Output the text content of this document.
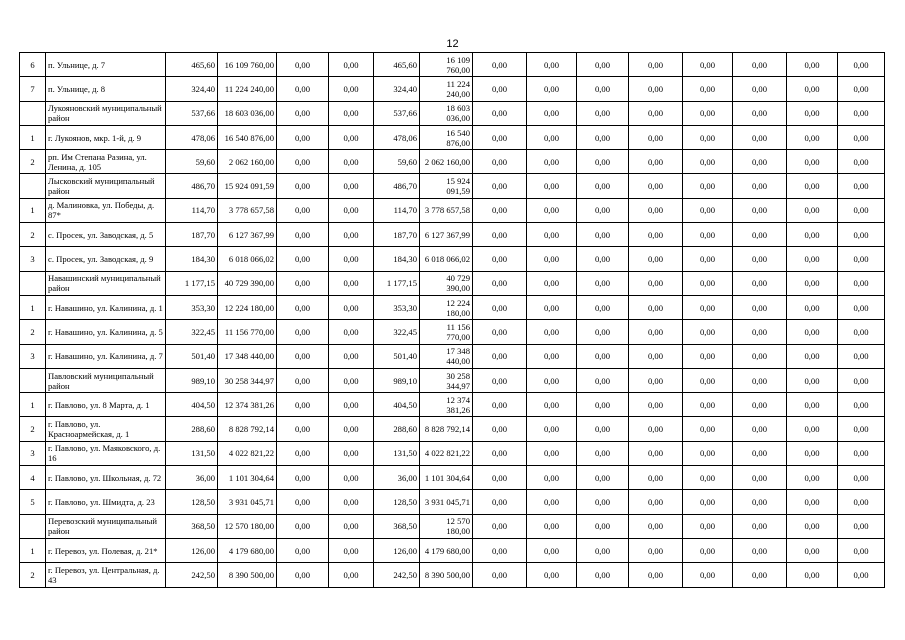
12
6	п. Ульнице, д. 7	465,60	16 109 760,00	0,00	0,00	465,60	16 109 760,00	0,00	0,00	0,00	0,00	0,00	0,00	0,00	0,00
7	п. Ульнице, д. 8	324,40	11 224 240,00	0,00	0,00	324,40	11 224 240,00	0,00	0,00	0,00	0,00	0,00	0,00	0,00	0,00
	Лукояновский муниципальный район	537,66	18 603 036,00	0,00	0,00	537,66	18 603 036,00	0,00	0,00	0,00	0,00	0,00	0,00	0,00	0,00
1	г. Лукоянов, мкр. 1-й, д. 9	478,06	16 540 876,00	0,00	0,00	478,06	16 540 876,00	0,00	0,00	0,00	0,00	0,00	0,00	0,00	0,00
2	рп. Им Степана Разина, ул. Ленина, д. 105	59,60	2 062 160,00	0,00	0,00	59,60	2 062 160,00	0,00	0,00	0,00	0,00	0,00	0,00	0,00	0,00
	Лысковский муниципальный район	486,70	15 924 091,59	0,00	0,00	486,70	15 924 091,59	0,00	0,00	0,00	0,00	0,00	0,00	0,00	0,00
1	д. Малиновка, ул. Победы, д. 87*	114,70	3 778 657,58	0,00	0,00	114,70	3 778 657,58	0,00	0,00	0,00	0,00	0,00	0,00	0,00	0,00
2	с. Просек, ул. Заводская, д. 5	187,70	6 127 367,99	0,00	0,00	187,70	6 127 367,99	0,00	0,00	0,00	0,00	0,00	0,00	0,00	0,00
3	с. Просек, ул. Заводская, д. 9	184,30	6 018 066,02	0,00	0,00	184,30	6 018 066,02	0,00	0,00	0,00	0,00	0,00	0,00	0,00	0,00
	Навашинский муниципальный район	1 177,15	40 729 390,00	0,00	0,00	1 177,15	40 729 390,00	0,00	0,00	0,00	0,00	0,00	0,00	0,00	0,00
1	г. Навашино, ул. Калинина, д. 1	353,30	12 224 180,00	0,00	0,00	353,30	12 224 180,00	0,00	0,00	0,00	0,00	0,00	0,00	0,00	0,00
2	г. Навашино, ул. Калинина, д. 5	322,45	11 156 770,00	0,00	0,00	322,45	11 156 770,00	0,00	0,00	0,00	0,00	0,00	0,00	0,00	0,00
3	г. Навашино, ул. Калинина, д. 7	501,40	17 348 440,00	0,00	0,00	501,40	17 348 440,00	0,00	0,00	0,00	0,00	0,00	0,00	0,00	0,00
	Павловский муниципальный район	989,10	30 258 344,97	0,00	0,00	989,10	30 258 344,97	0,00	0,00	0,00	0,00	0,00	0,00	0,00	0,00
1	г. Павлово, ул. 8 Марта, д. 1	404,50	12 374 381,26	0,00	0,00	404,50	12 374 381,26	0,00	0,00	0,00	0,00	0,00	0,00	0,00	0,00
2	г. Павлово, ул. Красноармейская, д. 1	288,60	8 828 792,14	0,00	0,00	288,60	8 828 792,14	0,00	0,00	0,00	0,00	0,00	0,00	0,00	0,00
3	г. Павлово, ул. Маяковского, д. 16	131,50	4 022 821,22	0,00	0,00	131,50	4 022 821,22	0,00	0,00	0,00	0,00	0,00	0,00	0,00	0,00
4	г. Павлово, ул. Школьная, д. 72	36,00	1 101 304,64	0,00	0,00	36,00	1 101 304,64	0,00	0,00	0,00	0,00	0,00	0,00	0,00	0,00
5	г. Павлово, ул. Шмидта, д. 23	128,50	3 931 045,71	0,00	0,00	128,50	3 931 045,71	0,00	0,00	0,00	0,00	0,00	0,00	0,00	0,00
	Перевозский муниципальный район	368,50	12 570 180,00	0,00	0,00	368,50	12 570 180,00	0,00	0,00	0,00	0,00	0,00	0,00	0,00	0,00
1	г. Перевоз, ул. Полевая, д. 21*	126,00	4 179 680,00	0,00	0,00	126,00	4 179 680,00	0,00	0,00	0,00	0,00	0,00	0,00	0,00	0,00
2	г. Перевоз, ул. Центральная, д. 43	242,50	8 390 500,00	0,00	0,00	242,50	8 390 500,00	0,00	0,00	0,00	0,00	0,00	0,00	0,00	0,00
